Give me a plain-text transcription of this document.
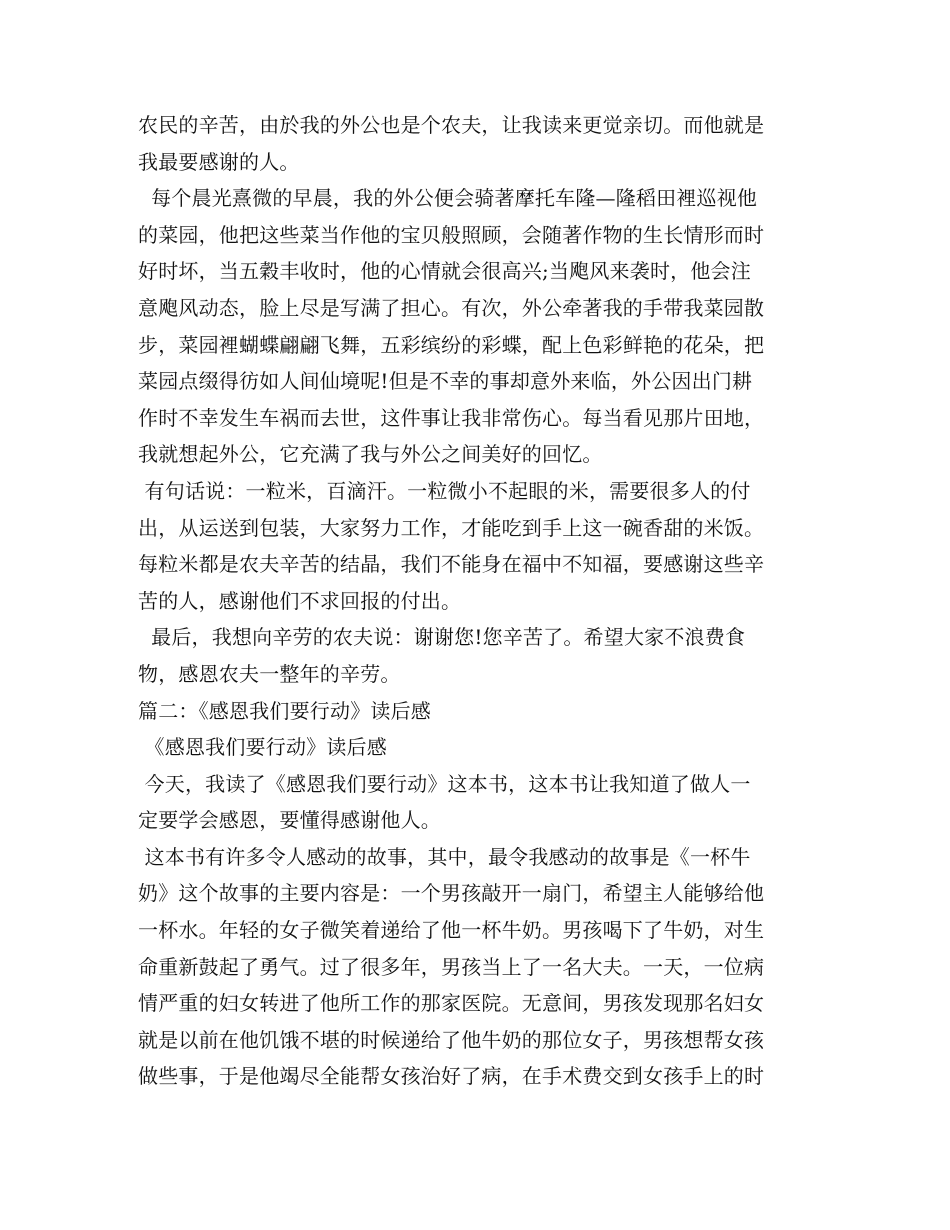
农民的辛苦，由於我的外公也是个农夫，让我读来更觉亲切。而他就是
我最要感谢的人。
每个晨光熹微的早晨，我的外公便会骑著摩托车隆—隆稻田裡巡视他
的菜园，他把这些菜当作他的宝贝般照顾，会随著作物的生长情形而时
好时坏，当五穀丰收时，他的心情就会很高兴;当飑风来袭时，他会注
意飑风动态，脸上尽是写满了担心。有次，外公牵著我的手带我菜园散
步，菜园裡蝴蝶翩翩飞舞，五彩缤纷的彩蝶，配上色彩鲜艳的花朵，把
菜园点缀得彷如人间仙境呢!但是不幸的事却意外来临，外公因出门耕
作时不幸发生车祸而去世，这件事让我非常伤心。每当看见那片田地，
我就想起外公，它充满了我与外公之间美好的回忆。
有句话说：一粒米，百滴汗。一粒微小不起眼的米，需要很多人的付
出，从运送到包装，大家努力工作，才能吃到手上这一碗香甜的米饭。
每粒米都是农夫辛苦的结晶，我们不能身在福中不知福，要感谢这些辛
苦的人，感谢他们不求回报的付出。
最后，我想向辛劳的农夫说：谢谢您!您辛苦了。希望大家不浪费食
物，感恩农夫一整年的辛劳。
篇二：《感恩我们要行动》读后感
《感恩我们要行动》读后感
今天，我读了《感恩我们要行动》这本书，这本书让我知道了做人一
定要学会感恩，要懂得感谢他人。
这本书有许多令人感动的故事，其中，最令我感动的故事是《一杯牛
奶》这个故事的主要内容是：一个男孩敲开一扇门，希望主人能够给他
一杯水。年轻的女子微笑着递给了他一杯牛奶。男孩喝下了牛奶，对生
命重新鼓起了勇气。过了很多年，男孩当上了一名大夫。一天，一位病
情严重的妇女转进了他所工作的那家医院。无意间，男孩发现那名妇女
就是以前在他饥饿不堪的时候递给了他牛奶的那位女子，男孩想帮女孩
做些事，于是他竭尽全能帮女孩治好了病，在手术费交到女孩手上的时
